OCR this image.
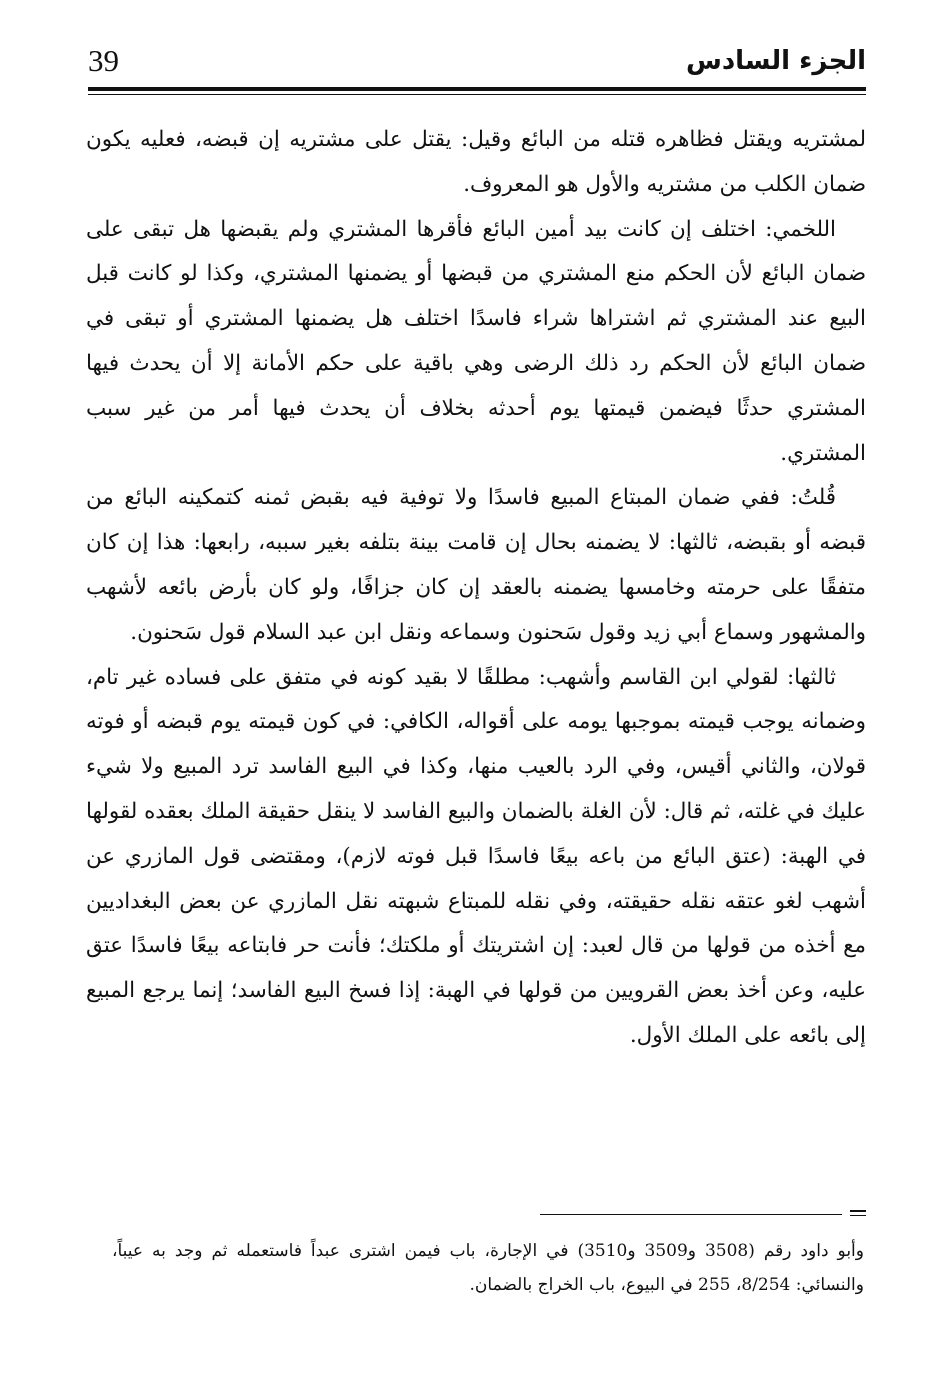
39	الجزء السادس

لمشتريه ويقتل فظاهره قتله من البائع وقيل: يقتل على مشتريه إن قبضه، فعليه يكون ضمان الكلب من مشتريه والأول هو المعروف.

اللخمي: اختلف إن كانت بيد أمين البائع فأقرها المشتري ولم يقبضها هل تبقى على ضمان البائع لأن الحكم منع المشتري من قبضها أو يضمنها المشتري، وكذا لو كانت قبل البيع عند المشتري ثم اشتراها شراء فاسدًا اختلف هل يضمنها المشتري أو تبقى في ضمان البائع لأن الحكم رد ذلك الرضى وهي باقية على حكم الأمانة إلا أن يحدث فيها المشتري حدثًا فيضمن قيمتها يوم أحدثه بخلاف أن يحدث فيها أمر من غير سبب المشتري.

قُلتُ: ففي ضمان المبتاع المبيع فاسدًا ولا توفية فيه بقبض ثمنه كتمكينه البائع من قبضه أو بقبضه، ثالثها: لا يضمنه بحال إن قامت بينة بتلفه بغير سببه، رابعها: هذا إن كان متفقًا على حرمته وخامسها يضمنه بالعقد إن كان جزافًا، ولو كان بأرض بائعه لأشهب والمشهور وسماع أبي زيد وقول سَحنون وسماعه ونقل ابن عبد السلام قول سَحنون.

ثالثها: لقولي ابن القاسم وأشهب: مطلقًا لا بقيد كونه في متفق على فساده غير تام، وضمانه يوجب قيمته بموجبها يومه على أقواله، الكافي: في كون قيمته يوم قبضه أو فوته قولان، والثاني أقيس، وفي الرد بالعيب منها، وكذا في البيع الفاسد ترد المبيع ولا شيء عليك في غلته، ثم قال: لأن الغلة بالضمان والبيع الفاسد لا ينقل حقيقة الملك بعقده لقولها في الهبة: (عتق البائع من باعه بيعًا فاسدًا قبل فوته لازم)، ومقتضى قول المازري عن أشهب لغو عتقه نقله حقيقته، وفي نقله للمبتاع شبهته نقل المازري عن بعض البغداديين مع أخذه من قولها من قال لعبد: إن اشتريتك أو ملكتك؛ فأنت حر فابتاعه بيعًا فاسدًا عتق عليه، وعن أخذ بعض القرويين من قولها في الهبة: إذا فسخ البيع الفاسد؛ إنما يرجع المبيع إلى بائعه على الملك الأول.

وأبو داود رقم (3508 و3509 و3510) في الإجارة، باب فيمن اشترى عبداً فاستعمله ثم وجد به عيباً، والنسائي: 8/254، 255 في البيوع، باب الخراج بالضمان.
